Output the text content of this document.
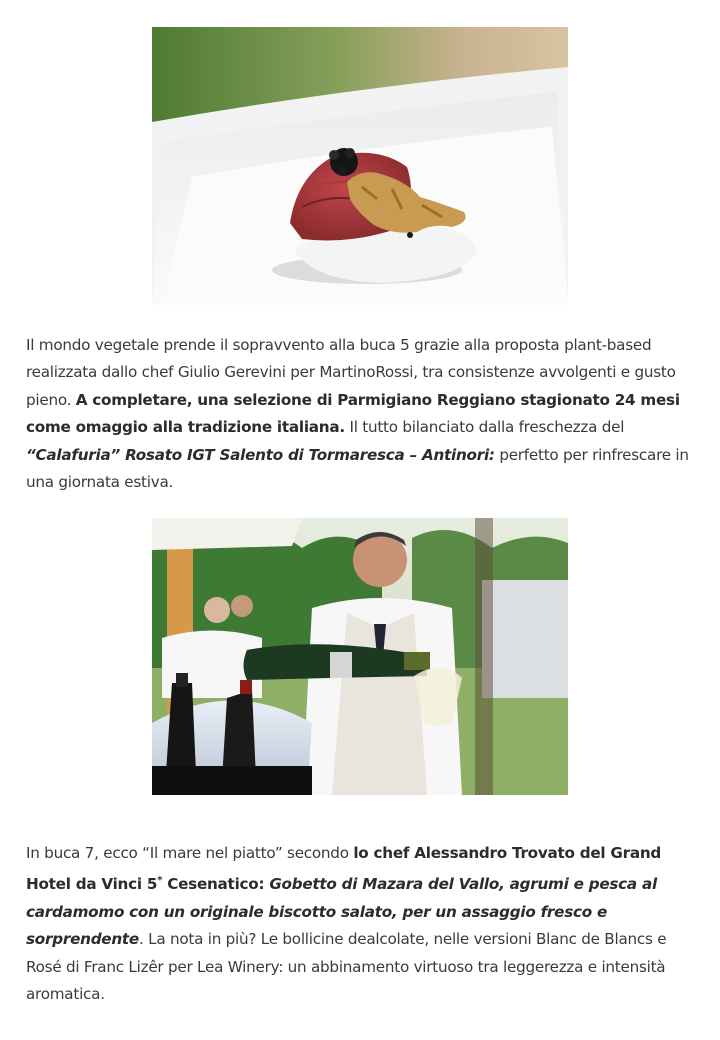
Il mondo vegetale prende il sopravvento alla buca 5 grazie alla proposta plant-based realizzata dallo chef Giulio Gerevini per MartinoRossi, tra consistenze avvolgenti e gusto pieno. A completare, una selezione di Parmigiano Reggiano stagionato 24 mesi come omaggio alla tradizione italiana. Il tutto bilanciato dalla freschezza del “Calafuria” Rosato IGT Salento di Tormaresca – Antinori: perfetto per rinfrescare in una giornata estiva.

In buca 7, ecco “Il mare nel piatto” secondo lo chef Alessandro Trovato del Grand Hotel da Vinci 5* Cesenatico: Gobetto di Mazara del Vallo, agrumi e pesca al cardamomo con un originale biscotto salato, per un assaggio fresco e sorprendente. La nota in più? Le bollicine dealcolate, nelle versioni Blanc de Blancs e Rosé di Franc Lizêr per Lea Winery: un abbinamento virtuoso tra leggerezza e intensità aromatica.
